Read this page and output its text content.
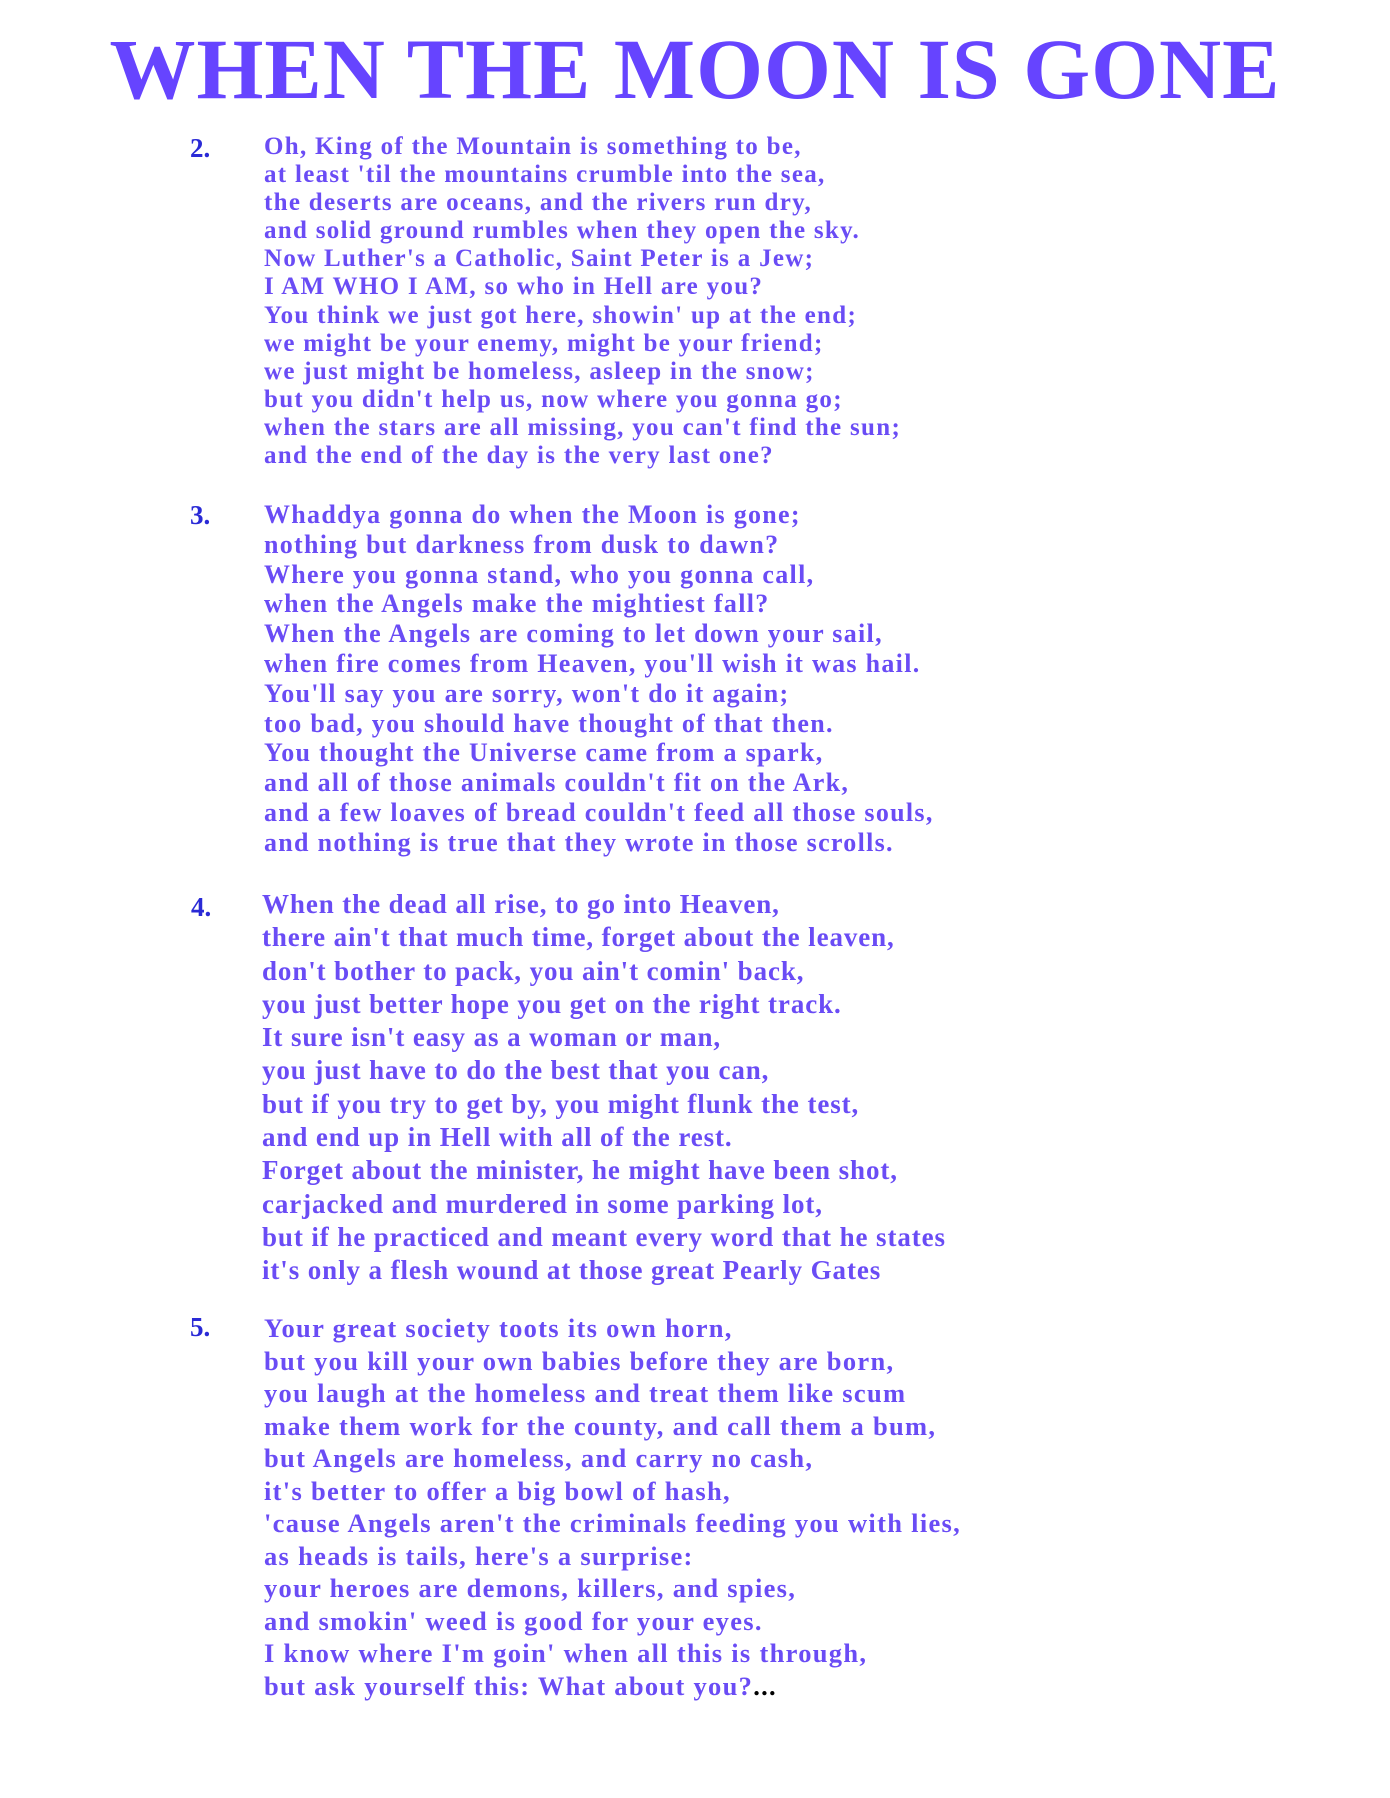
WHEN THE MOON IS GONE
2. Oh, King of the Mountain is something to be,
at least 'til the mountains crumble into the sea,
the deserts are oceans, and the rivers run dry,
and solid ground rumbles when they open the sky.
Now Luther's a Catholic, Saint Peter is a Jew;
I AM WHO I AM, so who in Hell are you?
You think we just got here, showin' up at the end;
we might be your enemy, might be your friend;
we just might be homeless, asleep in the snow;
but you didn't help us, now where you gonna go;
when the stars are all missing, you can't find the sun;
and the end of the day is the very last one?
3. Whaddya gonna do when the Moon is gone;
nothing but darkness from dusk to dawn?
Where you gonna stand, who you gonna call,
when the Angels make the mightiest fall?
When the Angels are coming to let down your sail,
when fire comes from Heaven, you'll wish it was hail.
You'll say you are sorry, won't do it again;
too bad, you should have thought of that then.
You thought the Universe came from a spark,
and all of those animals couldn't fit on the Ark,
and a few loaves of bread couldn't feed all those souls,
and nothing is true that they wrote in those scrolls.
4. When the dead all rise, to go into Heaven,
there ain't that much time, forget about the leaven,
don't bother to pack, you ain't comin' back,
you just better hope you get on the right track.
It sure isn't easy as a woman or man,
you just have to do the best that you can,
but if you try to get by, you might flunk the test,
and end up in Hell with all of the rest.
Forget about the minister, he might have been shot,
carjacked and murdered in some parking lot,
but if he practiced and meant every word that he states
it's only a flesh wound at those great Pearly Gates
5. Your great society toots its own horn,
but you kill your own babies before they are born,
you laugh at the homeless and treat them like scum
make them work for the county, and call them a bum,
but Angels are homeless, and carry no cash,
it's better to offer a big bowl of hash,
'cause Angels aren't the criminals feeding you with lies,
as heads is tails, here's a surprise:
your heroes are demons, killers, and spies,
and smokin' weed is good for your eyes.
I know where I'm goin' when all this is through,
but ask yourself this: What about you?...
